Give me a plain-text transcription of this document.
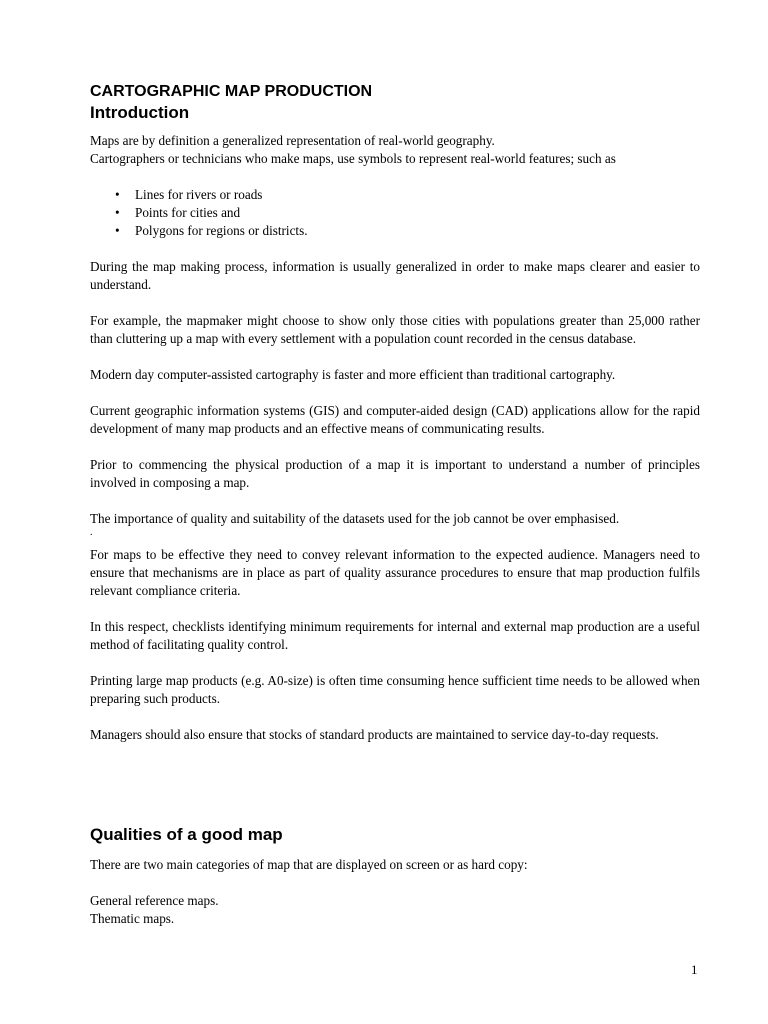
CARTOGRAPHIC MAP PRODUCTION
Introduction
Maps are by definition a generalized representation of real-world geography.
Cartographers or technicians who make maps, use symbols to represent real-world features; such as
• Lines for rivers or roads
• Points for cities and
• Polygons for regions or districts.

During the map making process, information is usually generalized in order to make maps clearer and easier to understand.

For example, the mapmaker might choose to show only those cities with populations greater than 25,000 rather than cluttering up a map with every settlement with a population count recorded in the census database.

Modern day computer-assisted cartography is faster and more efficient than traditional cartography.

Current geographic information systems (GIS) and computer-aided design (CAD) applications allow for the rapid development of many map products and an effective means of communicating results.

Prior to commencing the physical production of a map it is important to understand a number of principles involved in composing a map.

The importance of quality and suitability of the datasets used for the job cannot be over emphasised.

.

For maps to be effective they need to convey relevant information to the expected audience. Managers need to ensure that mechanisms are in place as part of quality assurance procedures to ensure that map production fulfils relevant compliance criteria.

In this respect, checklists identifying minimum requirements for internal and external map production are a useful method of facilitating quality control.

Printing large map products (e.g. A0-size) is often time consuming hence sufficient time needs to be allowed when preparing such products.

Managers should also ensure that stocks of standard products are maintained to service day-to-day requests.

Qualities of a good map

There are two main categories of map that are displayed on screen or as hard copy:

General reference maps.
Thematic maps.
1
